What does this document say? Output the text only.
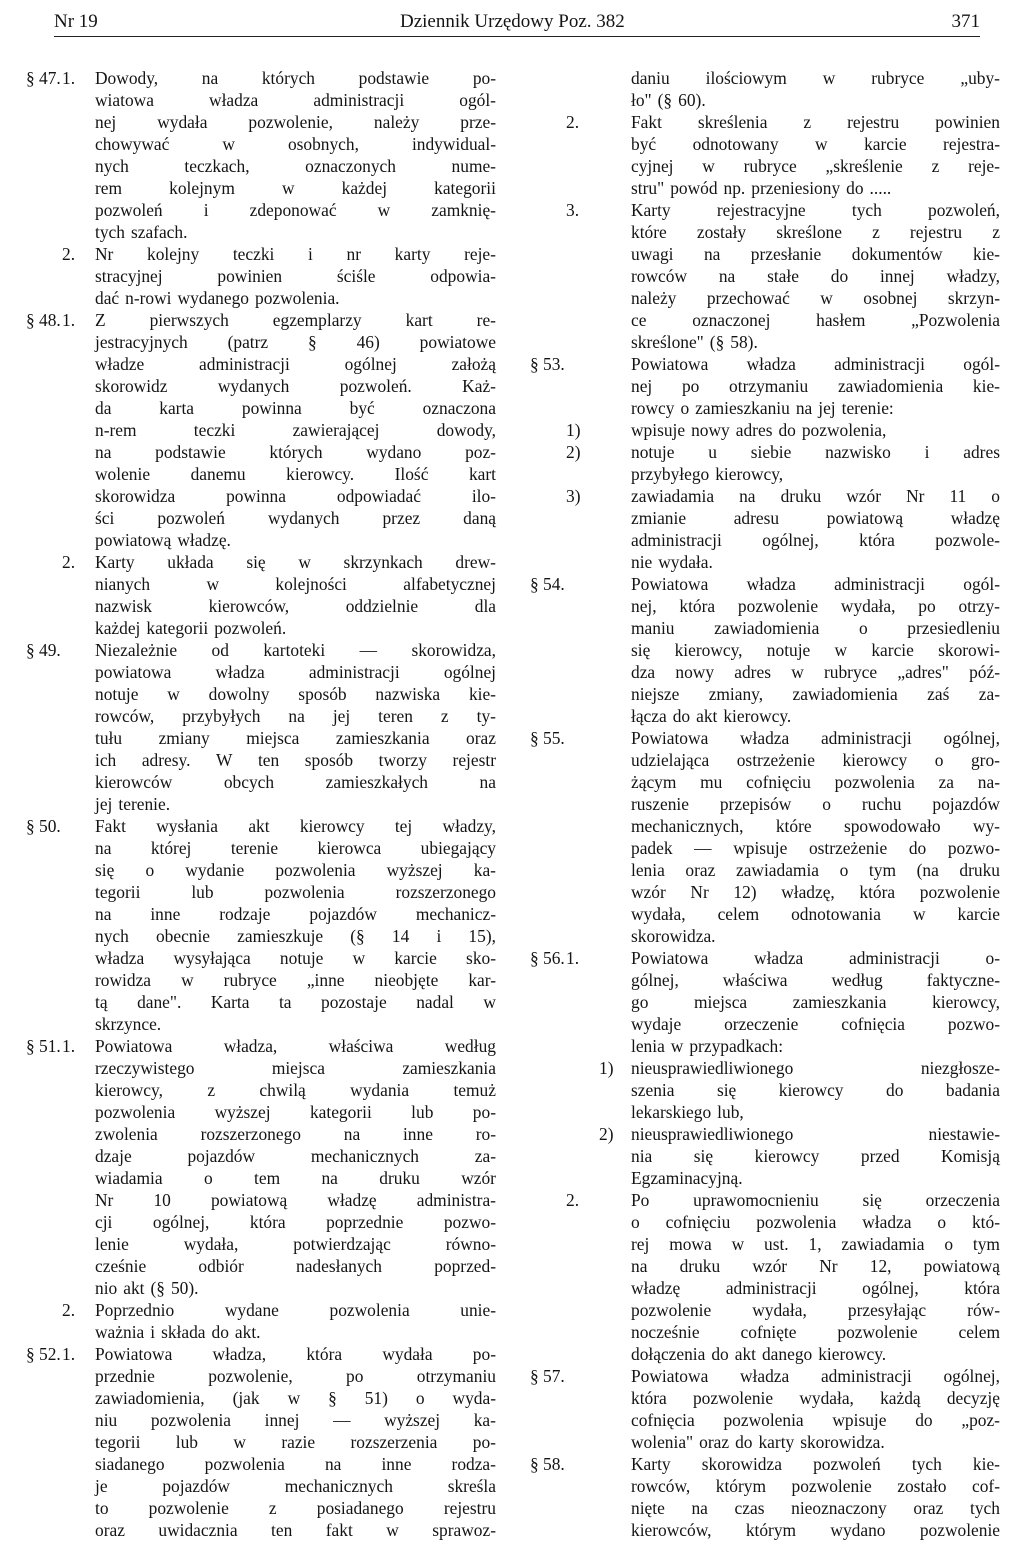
Nr 19	Dziennik Urzędowy Poz. 382	371
§ 47. 1.	Dowody,	na	których	podstawie	po-
wiatowa	władza	administracji	ogól-
nej wydała pozwolenie, należy prze-
chowywać	w	osobnych,	indywidual-
nych	teczkach,	oznaczonych	nume-
rem	kolejnym	w	każdej	kategorii
pozwoleń i zdeponować w zamknię-
tych szafach.
2.	Nr kolejny teczki i nr karty reje-
stracyjnej	powinien	ściśle	odpowia-
dać n-rowi wydanego pozwolenia.
§ 48. 1.	Z	pierwszych	egzemplarzy	kart	re-
jestracyjnych (patrz § 46) powiatowe
władze	administracji	ogólnej	założą
skorowidz	wydanych	pozwoleń.	Każ-
da	karta	powinna	być	oznaczona
n-rem	teczki	zawierającej	dowody,
na	podstawie	których	wydano	poz-
wolenie danemu kierowcy. Ilość kart
skorowidza	powinna	odpowiadać	ilo-
ści pozwoleń wydanych przez daną
powiatową władzę.
2.	Karty układa się w skrzynkach drew-
nianych	w	kolejności	alfabetycznej
nazwisk	kierowców,	oddzielnie	dla
każdej kategorii pozwoleń.
§ 49. Niezależnie od kartoteki — skorowidza,
powiatowa	władza	administracji	ogólnej
notuje w dowolny sposób nazwiska kie-
rowców, przybyłych na jej teren z ty-
tułu zmiany miejsca zamieszkania oraz
ich adresy. W ten sposób tworzy rejestr
kierowców	obcych	zamieszkałych	na
jej terenie.
§ 50. Fakt wysłania akt kierowcy tej władzy,
na której terenie kierowca ubiegający
się o wydanie pozwolenia wyższej ka-
tegorii	lub	pozwolenia	rozszerzonego
na inne rodzaje pojazdów mechanicz-
nych obecnie zamieszkuje (§ 14 i 15),
władza wysyłająca notuje w karcie sko-
rowidza w rubryce „inne nieobjęte kar-
tą dane". Karta ta pozostaje nadal w
skrzynce.
§ 51. 1.	Powiatowa	władza,	właściwa	według
rzeczywistego	miejsca	zamieszkania
kierowcy,	z	chwilą	wydania	temuż
pozwolenia wyższej kategorii lub po-
zwolenia rozszerzonego na inne ro-
dzaje	pojazdów	mechanicznych	za-
wiadamia o tem na druku wzór
Nr 10 powiatową władzę administra-
cji ogólnej, która poprzednie pozwo-
lenie	wydała,	potwierdzając	równo-
cześnie	odbiór	nadesłanych	poprzed-
nio akt (§ 50).
2.	Poprzednio	wydane	pozwolenia	unie-
ważnia i składa do akt.
§ 52. 1.	Powiatowa władza, która wydała po-
przednie	pozwolenie,	po	otrzymaniu
zawiadomienia, (jak w § 51) o wyda-
niu pozwolenia innej — wyższej ka-
tegorii lub w razie rozszerzenia po-
siadanego pozwolenia na inne rodza-
je	pojazdów	mechanicznych	skreśla
to pozwolenie z posiadanego rejestru
oraz uwidacznia ten fakt w sprawoz-
daniu ilościowym w rubryce „uby-
ło" (§ 60).
2.	Fakt skreślenia z rejestru powinien
być odnotowany w karcie rejestra-
cyjnej w rubryce „skreślenie z reje-
stru" powód np. przeniesiony do .....
3.	Karty	rejestracyjne	tych	pozwoleń,
które zostały skreślone z rejestru z
uwagi na przesłanie dokumentów kie-
rowców na stałe do innej władzy,
należy przechować w osobnej skrzyn-
ce	oznaczonej	hasłem	„Pozwolenia
skreślone" (§ 58).
§ 53.	Powiatowa władza administracji ogól-
nej po otrzymaniu zawiadomienia kie-
rowcy o zamieszkaniu na jej terenie:
1)	wpisuje nowy adres do pozwolenia,
2)	notuje u siebie nazwisko i adres
przybyłego kierowcy,
3)	zawiadamia na druku wzór Nr 11 o
zmianie	adresu	powiatową	władzę
administracji ogólnej, która pozwole-
nie wydała.
§ 54.	Powiatowa władza administracji ogól-
nej, która pozwolenie wydała, po otrzy-
maniu zawiadomienia o przesiedleniu
się kierowcy, notuje w karcie skorowi-
dza nowy adres w rubryce „adres" póź-
niejsze zmiany, zawiadomienia zaś za-
łącza do akt kierowcy.
§ 55.	Powiatowa władza administracji ogólnej,
udzielająca ostrzeżenie kierowcy o gro-
żącym mu cofnięciu pozwolenia za na-
ruszenie przepisów o ruchu pojazdów
mechanicznych, które spowodowało wy-
padek — wpisuje ostrzeżenie do pozwo-
lenia oraz zawiadamia o tym (na druku
wzór Nr 12) władzę, która pozwolenie
wydała, celem odnotowania w karcie
skorowidza.
§ 56. 1.	Powiatowa	władza	administracji	o-
gólnej,	właściwa	według	faktyczne-
go	miejsca	zamieszkania	kierowcy,
wydaje orzeczenie cofnięcia pozwo-
lenia w przypadkach:
1)	nieusprawiedliwionego	niezgłosze-
szenia się kierowcy do badania
lekarskiego lub,
2)	nieusprawiedliwionego	niestawie-
nia się kierowcy przed Komisją
Egzaminacyjną.
2.	Po	uprawomocnieniu	się	orzeczenia
o cofnięciu pozwolenia władza o któ-
rej mowa w ust. 1, zawiadamia o tym
na druku wzór Nr 12, powiatową
władzę	administracji	ogólnej,	która
pozwolenie wydała, przesyłając rów-
nocześnie cofnięte pozwolenie celem
dołączenia do akt danego kierowcy.
§ 57.	Powiatowa władza administracji ogólnej,
która pozwolenie wydała, każdą decyzję
cofnięcia pozwolenia wpisuje do „poz-
wolenia" oraz do karty skorowidza.
§ 58.	Karty skorowidza pozwoleń tych kie-
rowców, którym pozwolenie zostało cof-
nięte na czas nieoznaczony oraz tych
kierowców, którym wydano pozwolenie
